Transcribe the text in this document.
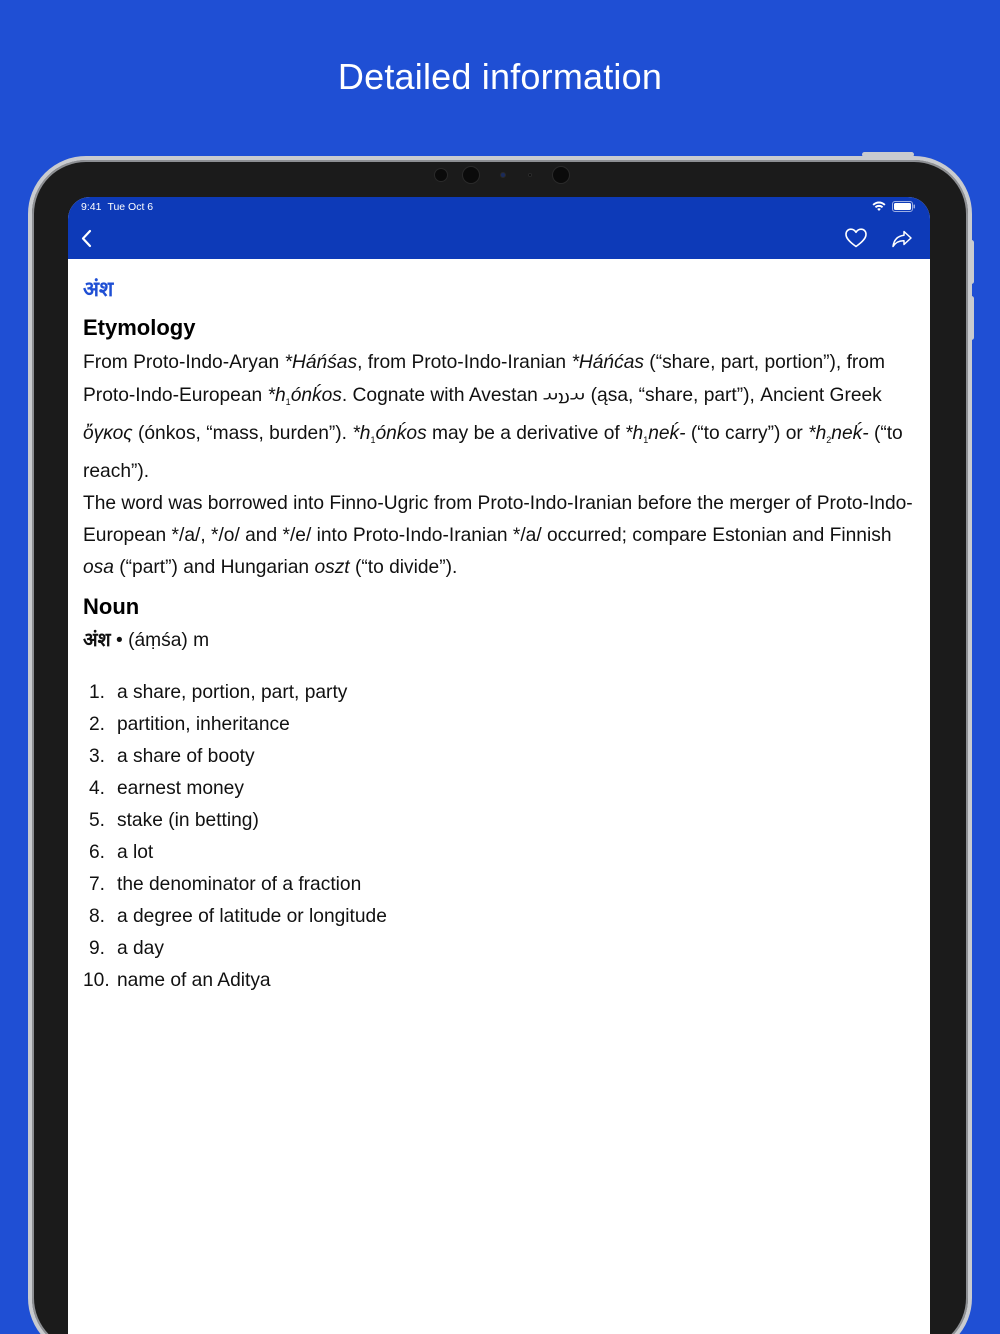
Detailed information
9:41 Tue Oct 6
अंश
Etymology
From Proto-Indo-Aryan *Háńśas, from Proto-Indo-Iranian *Háńćas (“share, part, portion”), from Proto-Indo-European $*h_1ónḱos$. Cognate with Avestan 𐬀𐬯𐬀 (ąsa, “share, part”), Ancient Greek ὄγκος (ónkos, “mass, burden”). $*h_1ónḱos$ may be a derivative of $*h_1neḱ-$ (“to carry”) or $*h_2neḱ-$ (“to reach”).
The word was borrowed into Finno-Ugric from Proto-Indo-Iranian before the merger of Proto-Indo-European */a/, */o/ and */e/ into Proto-Indo-Iranian */a/ occurred; compare Estonian and Finnish osa (“part”) and Hungarian oszt (“to divide”).
Noun
अंश • (áṃśa) m
1. a share, portion, part, party
2. partition, inheritance
3. a share of booty
4. earnest money
5. stake (in betting)
6. a lot
7. the denominator of a fraction
8. a degree of latitude or longitude
9. a day
10. name of an Aditya
